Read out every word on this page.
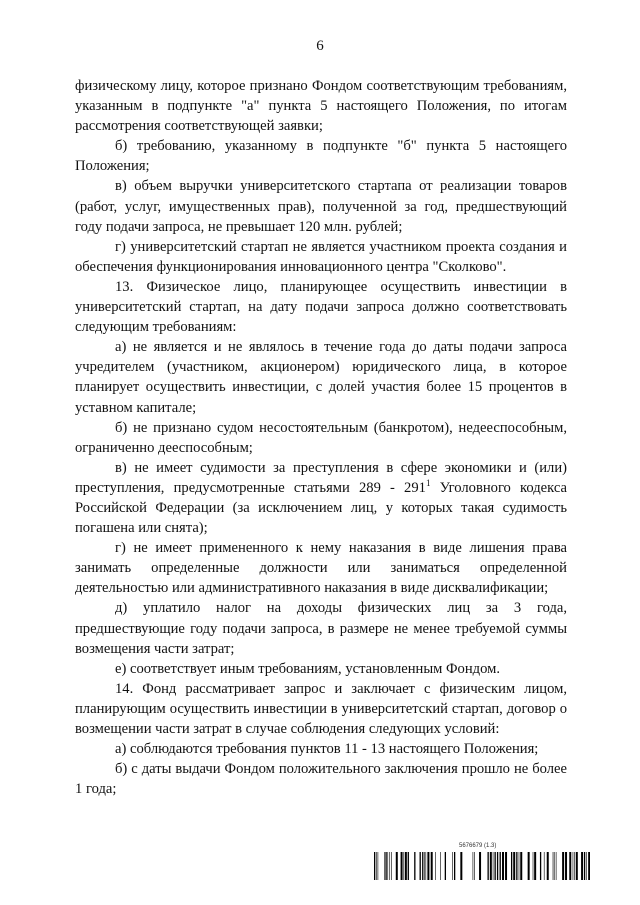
6

физическому лицу, которое признано Фондом соответствующим требованиям, указанным в подпункте "а" пункта 5 настоящего Положения, по итогам рассмотрения соответствующей заявки;

б) требованию, указанному в подпункте "б" пункта 5 настоящего Положения;

в) объем выручки университетского стартапа от реализации товаров (работ, услуг, имущественных прав), полученной за год, предшествующий году подачи запроса, не превышает 120 млн. рублей;

г) университетский стартап не является участником проекта создания и обеспечения функционирования инновационного центра "Сколково".

13. Физическое лицо, планирующее осуществить инвестиции в университетский стартап, на дату подачи запроса должно соответствовать следующим требованиям:

а) не является и не являлось в течение года до даты подачи запроса учредителем (участником, акционером) юридического лица, в которое планирует осуществить инвестиции, с долей участия более 15 процентов в уставном капитале;

б) не признано судом несостоятельным (банкротом), недееспособным, ограниченно дееспособным;

в) не имеет судимости за преступления в сфере экономики и (или) преступления, предусмотренные статьями $289 - 291^1$ Уголовного кодекса Российской Федерации (за исключением лиц, у которых такая судимость погашена или снята);

г) не имеет примененного к нему наказания в виде лишения права занимать определенные должности или заниматься определенной деятельностью или административного наказания в виде дисквалификации;

д) уплатило налог на доходы физических лиц за 3 года, предшествующие году подачи запроса, в размере не менее требуемой суммы возмещения части затрат;

е) соответствует иным требованиям, установленным Фондом.

14. Фонд рассматривает запрос и заключает с физическим лицом, планирующим осуществить инвестиции в университетский стартап, договор о возмещении части затрат в случае соблюдения следующих условий:

а) соблюдаются требования пунктов 11 - 13 настоящего Положения;

б) с даты выдачи Фондом положительного заключения прошло не более 1 года;

5676679 (1.3)
